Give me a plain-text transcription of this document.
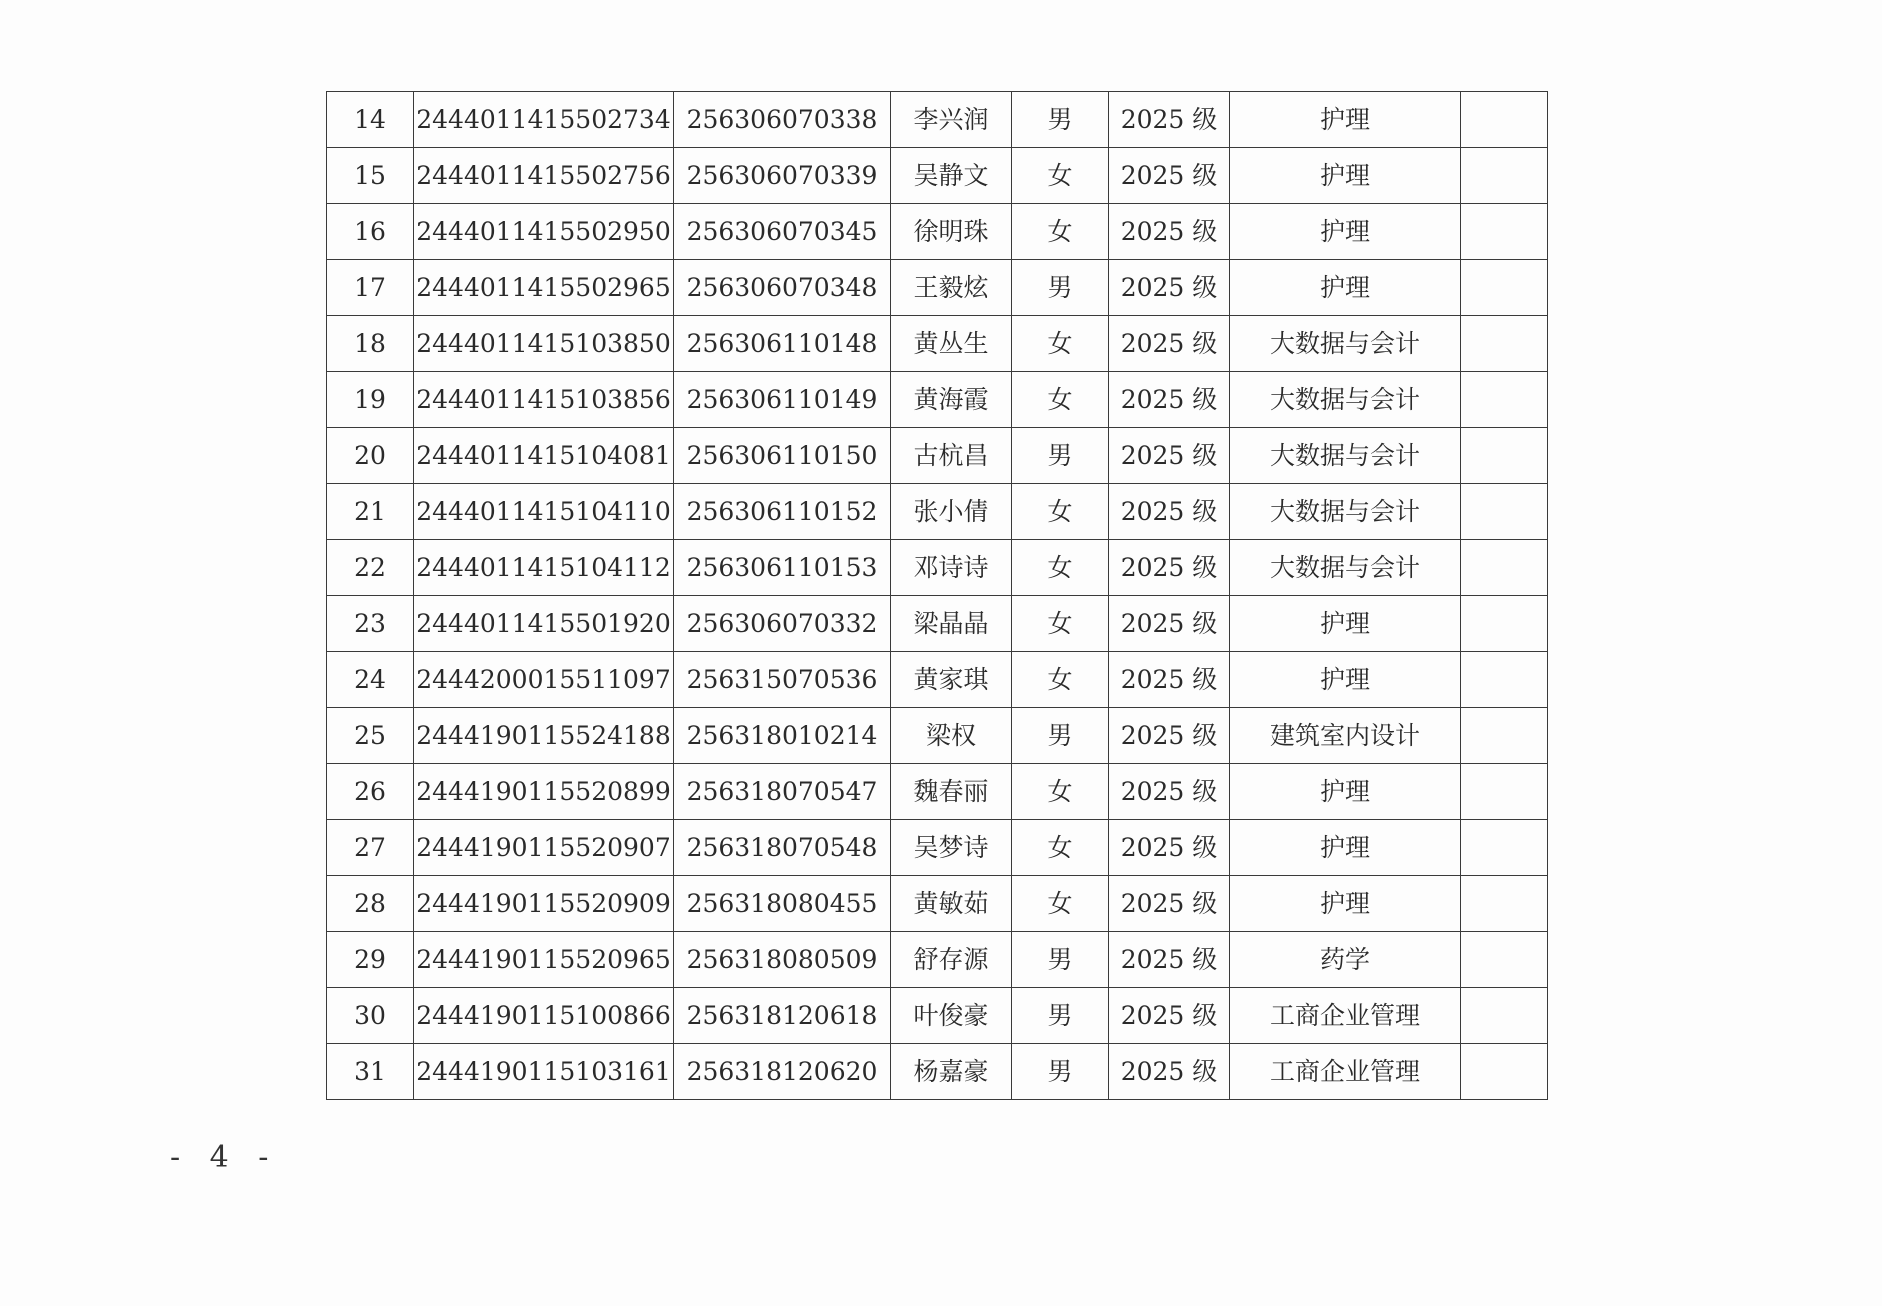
14	2444011415502734	256306070338	李兴润	男	2025 级	护理	
15	2444011415502756	256306070339	吴静文	女	2025 级	护理	
16	2444011415502950	256306070345	徐明珠	女	2025 级	护理	
17	2444011415502965	256306070348	王毅炫	男	2025 级	护理	
18	2444011415103850	256306110148	黄丛生	女	2025 级	大数据与会计	
19	2444011415103856	256306110149	黄海霞	女	2025 级	大数据与会计	
20	2444011415104081	256306110150	古杭昌	男	2025 级	大数据与会计	
21	2444011415104110	256306110152	张小倩	女	2025 级	大数据与会计	
22	2444011415104112	256306110153	邓诗诗	女	2025 级	大数据与会计	
23	2444011415501920	256306070332	梁晶晶	女	2025 级	护理	
24	2444200015511097	256315070536	黄家琪	女	2025 级	护理	
25	2444190115524188	256318010214	梁权	男	2025 级	建筑室内设计	
26	2444190115520899	256318070547	魏春丽	女	2025 级	护理	
27	2444190115520907	256318070548	吴梦诗	女	2025 级	护理	
28	2444190115520909	256318080455	黄敏茹	女	2025 级	护理	
29	2444190115520965	256318080509	舒存源	男	2025 级	药学	
30	2444190115100866	256318120618	叶俊豪	男	2025 级	工商企业管理	
31	2444190115103161	256318120620	杨嘉豪	男	2025 级	工商企业管理	
- 4 -
